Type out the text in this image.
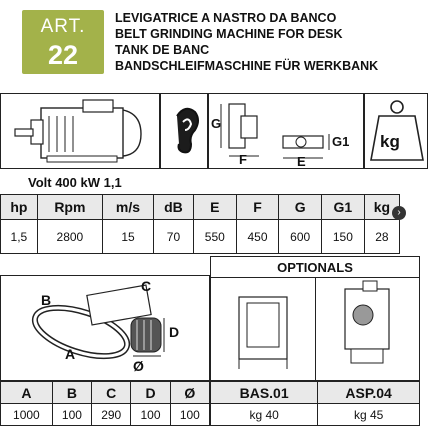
ART.
22
LEVIGATRICE A NASTRO DA BANCO
BELT GRINDING MACHINE FOR DESK
TANK DE BANC
BANDSCHLEIFMASCHINE FÜR WERKBANK
G
F	E
G1 kg
Volt 400 kW 1,1
hp	Rpm	m/s	dB	E	F	G	G1	kg
1,5	2800	15	70	550	450	600	150	28
›
B
C
D
A
Ø
OPTIONALS
A	B	C	D	Ø
1000	100	290	100	100
BAS.01	ASP.04
kg 40	kg 45
